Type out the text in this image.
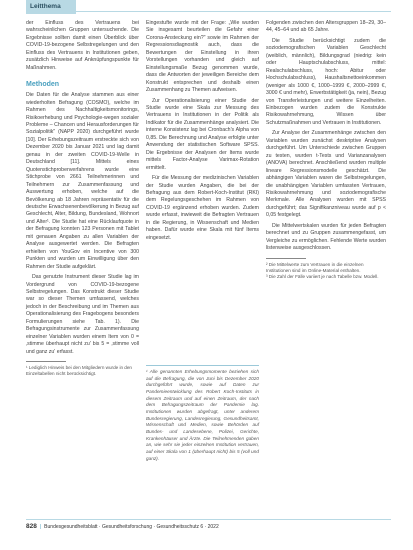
Leitthema

der Einfluss des Vertrauens bei wahrscheinlichen Gruppen untersuchende. Die Ergebnisse sollten damit einen Überblick über COVID-19-bezogene Selbstregelungen und den Einfluss des Vertrauens in Institutionen geben, zusätzlich Hinweise auf Anknüpfungspunkte für Maßnahmen.

Methoden

Die Daten für die Analyse stammen aus einer wiederholten Befragung (COSMO), welche im Rahmen des Nachhaltigkeitsmonitorings, Risikoerhebung und Psychologie-wegen sozialer Probleme – Chancen und Herausforderungen für Sozialpolitik" (NAPP 2020) durchgeführt wurde [10]. Der Erhebungszeitraum erstreckte sich von Dezember 2020 bis Januar 2021 und lag damit genau in der zweiten COVID-19-Welle in Deutschland [11]. Mittels eines Quotenstichprobenverfahrens wurde eine Stichprobe von 2661 Teilnehmerinnen und Teilnehmern zur Zusammenfassung und Auswertung erhoben, welche auf die Bevölkerung ab 18 Jahren repräsentativ für die deutsche Erwachsenenbevölkerung in Bezug auf Geschlecht, Alter, Bildung, Bundesland, Wohnort und Alter¹. Die Studie hat eine Rücklaufquote in der Befragung konnten 123 Personen mit Tablet mit genauen Angaben zu allen Variablen der Analyse ausgewertet werden. Die Befragten erhielten von YouGov ein Incentive von 300 Punkten und wurden um Einwilligung über den Rahmen der Studie aufgeklärt.

Das genutzte Instrument dieser Studie lag im Vordergrund von COVID-19-bezogene Selbstregelungen. Das Konstrukt dieser Studie war so dieser Themen umfassend, welches jedoch in der Beschreibung und im Themen aus Operationalisierung des Fragebogens besonders Formulierungen siehe Tab. 1). Die Befragungsinstrumente zur Zusammenfassung einzelner Variablen wurden einem Item von 0 = ‚stimme überhaupt nicht zu' bis 5 = ‚stimme voll und ganz zu' erfasst.

¹ Lediglich Hinweis bei den Mitgliedern wurde in den Einzeltabellen nicht berücksichtigt.

Eingestufte wurde mit der Frage: „Wie wurden Sie insgesamt beurteilen die Gefahr einer Corona-Ansteckung ein?" sowie im Rahmen der Regressionsdiagnostik auch, dass die Bewertungen der Einstellung in ihren Vorstellungen vorhanden und gleich auf Einstellungsmaße Bezug genommen wurde, dass die Antworten der jeweiligen Bereiche dem Konstrukt entsprechen und deshalb einen Zusammenhang zu Themen aufweisen.

Zur Operationalisierung einer Studie der Studie wurde eine Skala zur Messung des Vertrauens in Institutionen in der Politik als Indikator für die Zusammenhänge analysiert. Die interne Konsistenz lag bei Cronbach's Alpha von 0,85. Die Berechnung und Analyse erfolgte unter Anwendung der statistischen Software SPSS. Die Ergebnisse der Analysen der Items wurde mittels Factor-Analyse Varimax-Rotation ermittelt.

Für die Messung der medizinischen Variablen der Studie wurden Angaben, die bei der Befragung aus dem Robert-Koch-Institut (RKI) dem Regelungsgeschehen im Rahmen von COVID-19 ergänzend erhoben wurden. Zudem wurde erfasst, inwieweit die Befragten Vertrauen in die Regierung, in Wissenschaft und Medien haben. Dafür wurde eine Skala mit fünf Items eingesetzt.

¹ Alle genannten Erhebungsmomente beziehen sich auf die Befragung, die von Juni bis Dezember 2020 durchgeführt wurde, sowie auf Daten zur Pandemieentwicklung des Robert Koch-Instituts in diesem Zeitraum und auf einen Zeitraum, der nach dem Befragungszeitraum der Pandemie lag. Institutionen wurden abgefragt, unter anderem Bundesregierung, Landesregierung, Gesundheitsamt, Wissenschaft und Medien, sowie Behörden auf Bundes- und Landesebene, Polizei, Gerichte, Krankenhäuser und Ärzte. Die Teilnehmenden gaben an, wie sehr sie jeder einzelnen Institution vertrauen, auf einer Skala von 1 (überhaupt nicht) bis 5 (voll und ganz).

Folgenden zwischen den Altersgruppen 18–29, 30–44, 45–64 und ab 65 Jahre.

Die Studie berücksichtigt zudem die soziodemografischen Variablen Geschlecht (weiblich, männlich), Bildungsgrad (niedrig: kein oder Hauptschulabschluss, mittel: Realschulabschluss, hoch: Abitur oder Hochschulabschluss), Haushaltsnettoeinkommen (weniger als 1000 €, 1000–1999 €, 2000–2999 €, 3000 € und mehr), Erwerbstätigkeit (ja, nein), Bezug von Transferleistungen und weitere Einzelheiten. Einbezogen wurden zudem die Konstrukte Risikowahrnehmung, Wissen über Schutzmaßnahmen und Vertrauen in Institutionen.

Zur Analyse der Zusammenhänge zwischen den Variablen wurden zunächst deskriptive Analysen durchgeführt. Um Unterschiede zwischen Gruppen zu testen, wurden t-Tests und Varianzanalysen (ANOVA) berechnet. Anschließend wurden multiple lineare Regressionsmodelle geschätzt. Die abhängigen Variablen waren die Selbstregelungen, die unabhängigen Variablen umfassten Vertrauen, Risikowahrnehmung und soziodemografische Merkmale. Alle Analysen wurden mit SPSS durchgeführt; das Signifikanzniveau wurde auf p < 0,05 festgelegt.

Die Mittelwertskalen wurden für jeden Befragten berechnet und zu Gruppen zusammengefasst, um Vergleiche zu ermöglichen. Fehlende Werte wurden listenweise ausgeschlossen.

² Die Mittelwerte zum Vertrauen in die einzelnen Institutionen sind im Online-Material enthalten.
³ Die Zahl der Fälle variiert je nach Tabelle bzw. Modell.
828 | Bundesgesundheitsblatt · Gesundheitsforschung · Gesundheitsschutz 6 · 2022
